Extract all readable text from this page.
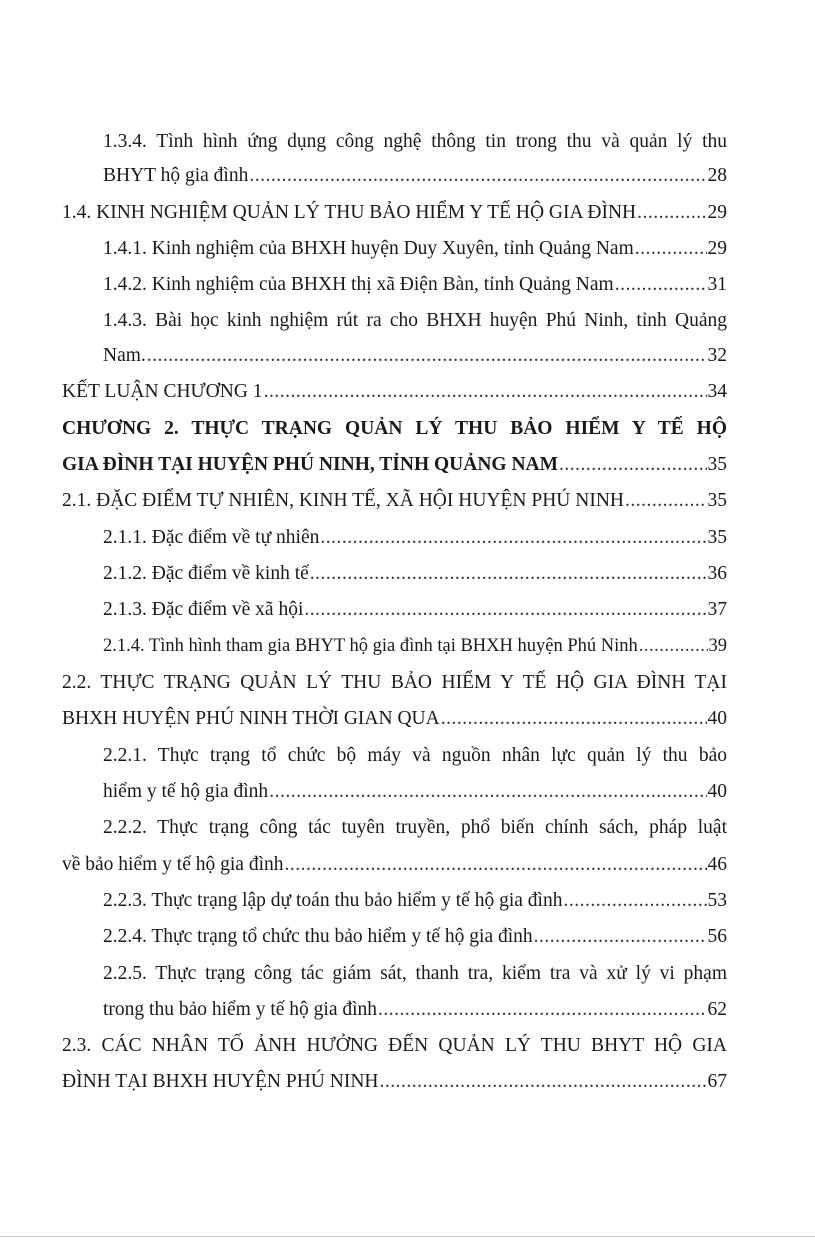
1.3.4. Tình hình ứng dụng công nghệ thông tin trong thu và quản lý thu
BHYT hộ gia đình .....	28
1.4. KINH NGHIỆM QUẢN LÝ THU BẢO HIỂM Y TẾ HỘ GIA ĐÌNH .....	29
1.4.1. Kinh nghiệm của BHXH huyện Duy Xuyên, tỉnh Quảng Nam .....	29
1.4.2. Kinh nghiệm của BHXH thị xã Điện Bàn, tỉnh Quảng Nam .....	31
1.4.3. Bài học kinh nghiệm rút ra cho BHXH huyện Phú Ninh, tỉnh Quảng
Nam. .....	32
KẾT LUẬN CHƯƠNG 1 .....	34
CHƯƠNG 2. THỰC TRẠNG QUẢN LÝ THU BẢO HIỂM Y TẾ HỘ
GIA ĐÌNH TẠI HUYỆN PHÚ NINH, TỈNH QUẢNG NAM .....	35
2.1. ĐẶC ĐIỂM TỰ NHIÊN, KINH TẾ, XÃ HỘI HUYỆN PHÚ NINH .....	35
2.1.1. Đặc điểm về tự nhiên .....	35
2.1.2. Đặc điểm về kinh tế .....	36
2.1.3. Đặc điểm về xã hội .....	37
2.1.4. Tình hình tham gia BHYT hộ gia đình tại BHXH huyện Phú Ninh .....	39
2.2. THỰC TRẠNG QUẢN LÝ THU BẢO HIỂM Y TẾ HỘ GIA ĐÌNH TẠI
BHXH HUYỆN PHÚ NINH THỜI GIAN QUA .....	40
2.2.1. Thực trạng tổ chức bộ máy và nguồn nhân lực quản lý thu bảo
hiểm y tế hộ gia đình .....	40
2.2.2. Thực trạng công tác tuyên truyền, phổ biến chính sách, pháp luật
về bảo hiểm y tế hộ gia đình .....	46
2.2.3. Thực trạng lập dự toán thu bảo hiểm y tế hộ gia đình .....	53
2.2.4. Thực trạng tổ chức thu bảo hiểm y tế hộ gia đình .....	56
2.2.5. Thực trạng công tác giám sát, thanh tra, kiểm tra và xử lý vi phạm
trong thu bảo hiểm y tế hộ gia đình .....	62
2.3. CÁC NHÂN TỐ ẢNH HƯỞNG ĐẾN QUẢN LÝ THU BHYT HỘ GIA
ĐÌNH TẠI BHXH HUYỆN PHÚ NINH .....	67
